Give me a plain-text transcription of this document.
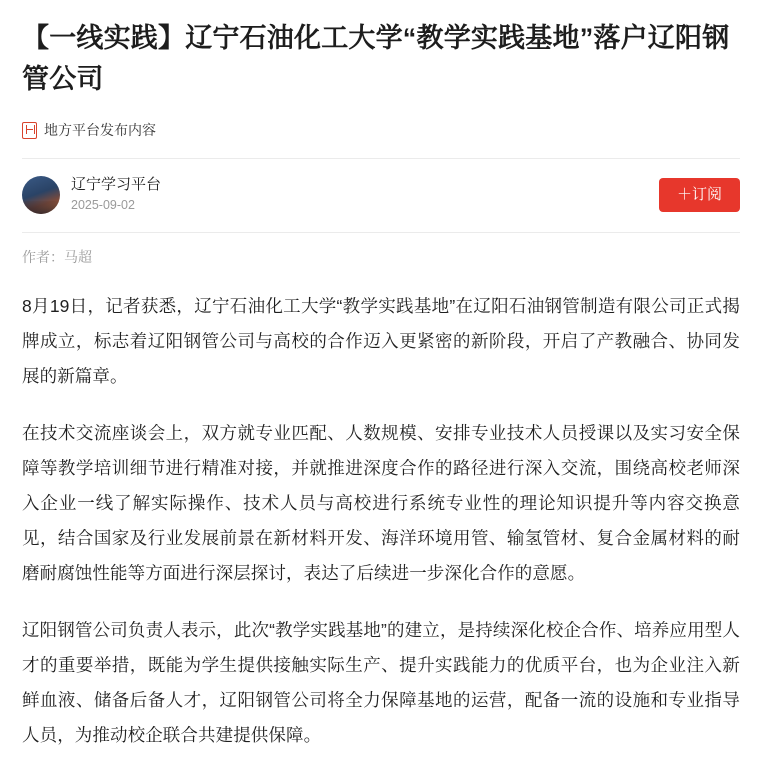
【一线实践】辽宁石油化工大学“教学实践基地”落户辽阳钢管公司
地方平台发布内容
辽宁学习平台
2025-09-02
＋订阅
作者：马超

8月19日，记者获悉，辽宁石油化工大学“教学实践基地”在辽阳石油钢管制造有限公司正式揭牌成立，标志着辽阳钢管公司与高校的合作迈入更紧密的新阶段，开启了产教融合、协同发展的新篇章。

在技术交流座谈会上，双方就专业匹配、人数规模、安排专业技术人员授课以及实习安全保障等教学培训细节进行精准对接，并就推进深度合作的路径进行深入交流，围绕高校老师深入企业一线了解实际操作、技术人员与高校进行系统专业性的理论知识提升等内容交换意见，结合国家及行业发展前景在新材料开发、海洋环境用管、输氢管材、复合金属材料的耐磨耐腐蚀性能等方面进行深层探讨，表达了后续进一步深化合作的意愿。

辽阳钢管公司负责人表示，此次“教学实践基地”的建立，是持续深化校企合作、培养应用型人才的重要举措，既能为学生提供接触实际生产、提升实践能力的优质平台，也为企业注入新鲜血液、储备后备人才，辽阳钢管公司将全力保障基地的运营，配备一流的设施和专业指导人员，为推动校企联合共建提供保障。
